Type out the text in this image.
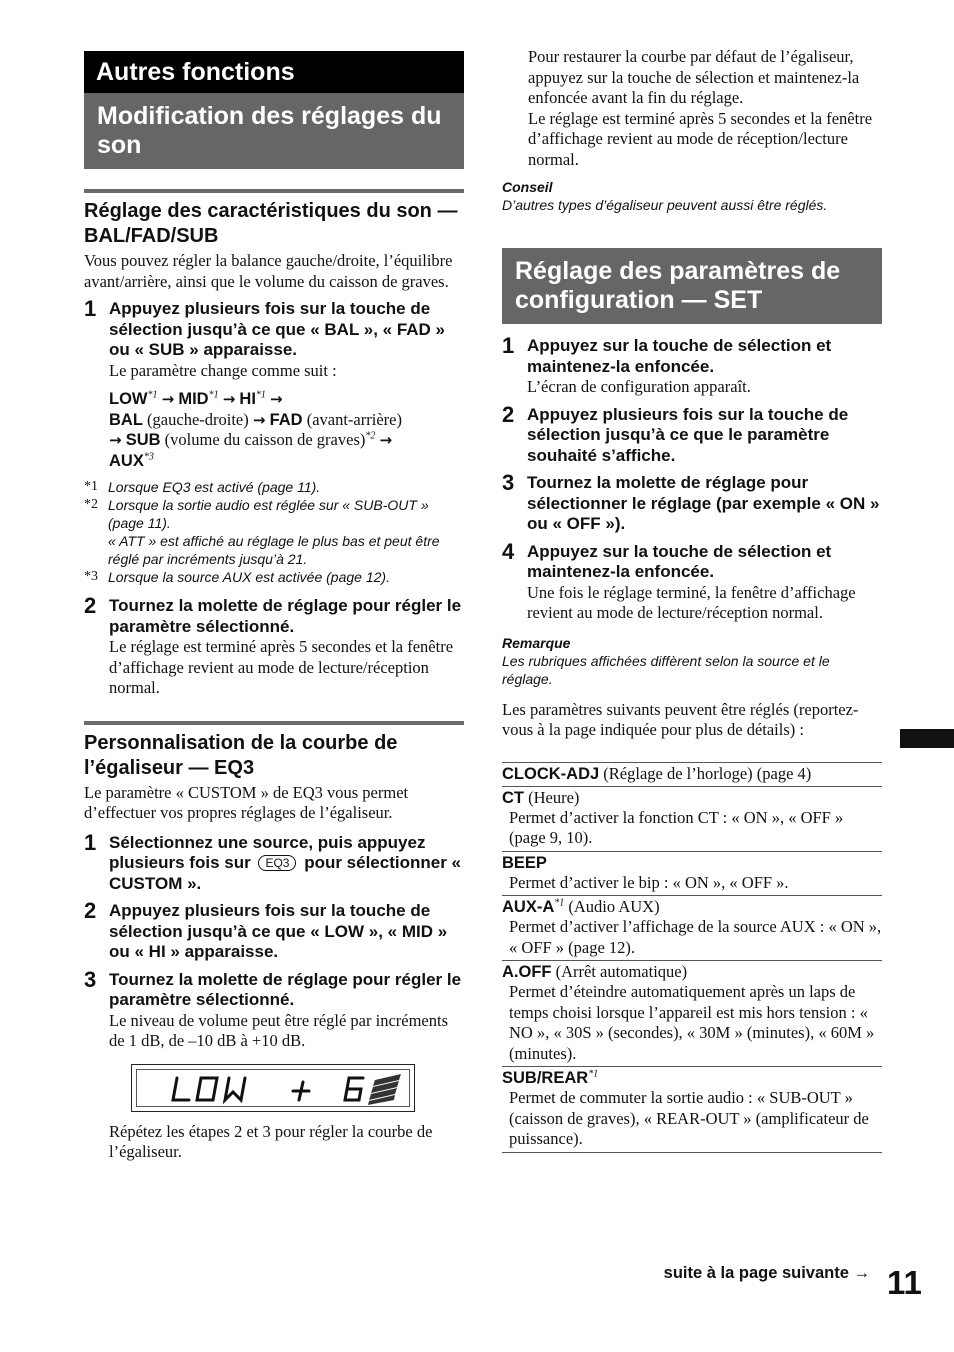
Autres fonctions
Modification des réglages du son
Réglage des caractéristiques du son — BAL/FAD/SUB

Vous pouvez régler la balance gauche/droite, l’équilibre avant/arrière, ainsi que le volume du caisson de graves.

1 Appuyez plusieurs fois sur la touche de sélection jusqu’à ce que « BAL », « FAD » ou « SUB » apparaisse.
Le paramètre change comme suit :
$LOW^{*1} \to MID^{*1} \to HI^{*1}$ →
BAL (gauche-droite) → FAD (avant-arrière)
→ SUB (volume du caisson de graves)$^{*2}$ →
$AUX^{*3}$
*1 Lorsque EQ3 est activé (page 11).
*2 Lorsque la sortie audio est réglée sur « SUB-OUT » (page 11).
« ATT » est affiché au réglage le plus bas et peut être réglé par incréments jusqu’à 21.
*3 Lorsque la source AUX est activée (page 12).
2 Tournez la molette de réglage pour régler le paramètre sélectionné.
Le réglage est terminé après 5 secondes et la fenêtre d’affichage revient au mode de lecture/réception normal.
Personnalisation de la courbe de l’égaliseur — EQ3

Le paramètre « CUSTOM » de EQ3 vous permet d’effectuer vos propres réglages de l’égaliseur.

1 Sélectionnez une source, puis appuyez plusieurs fois sur EQ3 pour sélectionner « CUSTOM ».
2 Appuyez plusieurs fois sur la touche de sélection jusqu’à ce que « LOW », « MID » ou « HI » apparaisse.
3 Tournez la molette de réglage pour régler le paramètre sélectionné.
Le niveau de volume peut être réglé par incréments de 1 dB, de –10 dB à +10 dB.
Répétez les étapes 2 et 3 pour régler la courbe de l’égaliseur.
Pour restaurer la courbe par défaut de l’égaliseur, appuyez sur la touche de sélection et maintenez-la enfoncée avant la fin du réglage.
Le réglage est terminé après 5 secondes et la fenêtre d’affichage revient au mode de réception/lecture normal.
Conseil
D’autres types d’égaliseur peuvent aussi être réglés.
Réglage des paramètres de configuration — SET
1 Appuyez sur la touche de sélection et maintenez-la enfoncée.
L’écran de configuration apparaît.
2 Appuyez plusieurs fois sur la touche de sélection jusqu’à ce que le paramètre souhaité s’affiche.
3 Tournez la molette de réglage pour sélectionner le réglage (par exemple « ON » ou « OFF »).
4 Appuyez sur la touche de sélection et maintenez-la enfoncée.
Une fois le réglage terminé, la fenêtre d’affichage revient au mode de lecture/réception normal.
Remarque
Les rubriques affichées diffèrent selon la source et le réglage.

Les paramètres suivants peuvent être réglés (reportez-vous à la page indiquée pour plus de détails) :

CLOCK-ADJ (Réglage de l’horloge) (page 4)
CT (Heure)
Permet d’activer la fonction CT : « ON », « OFF » (page 9, 10).
BEEP
Permet d’activer le bip : « ON », « OFF ».
AUX-$A^{*1}$ (Audio AUX)
Permet d’activer l’affichage de la source AUX : « ON », « OFF » (page 12).
A.OFF (Arrêt automatique)
Permet d’éteindre automatiquement après un laps de temps choisi lorsque l’appareil est mis hors tension : « NO », « 30S » (secondes), « 30M » (minutes), « 60M » (minutes).
SUB/REAR$^{*1}$
Permet de commuter la sortie audio : « SUB-OUT » (caisson de graves), « REAR-OUT » (amplificateur de puissance).
suite à la page suivante → 11
